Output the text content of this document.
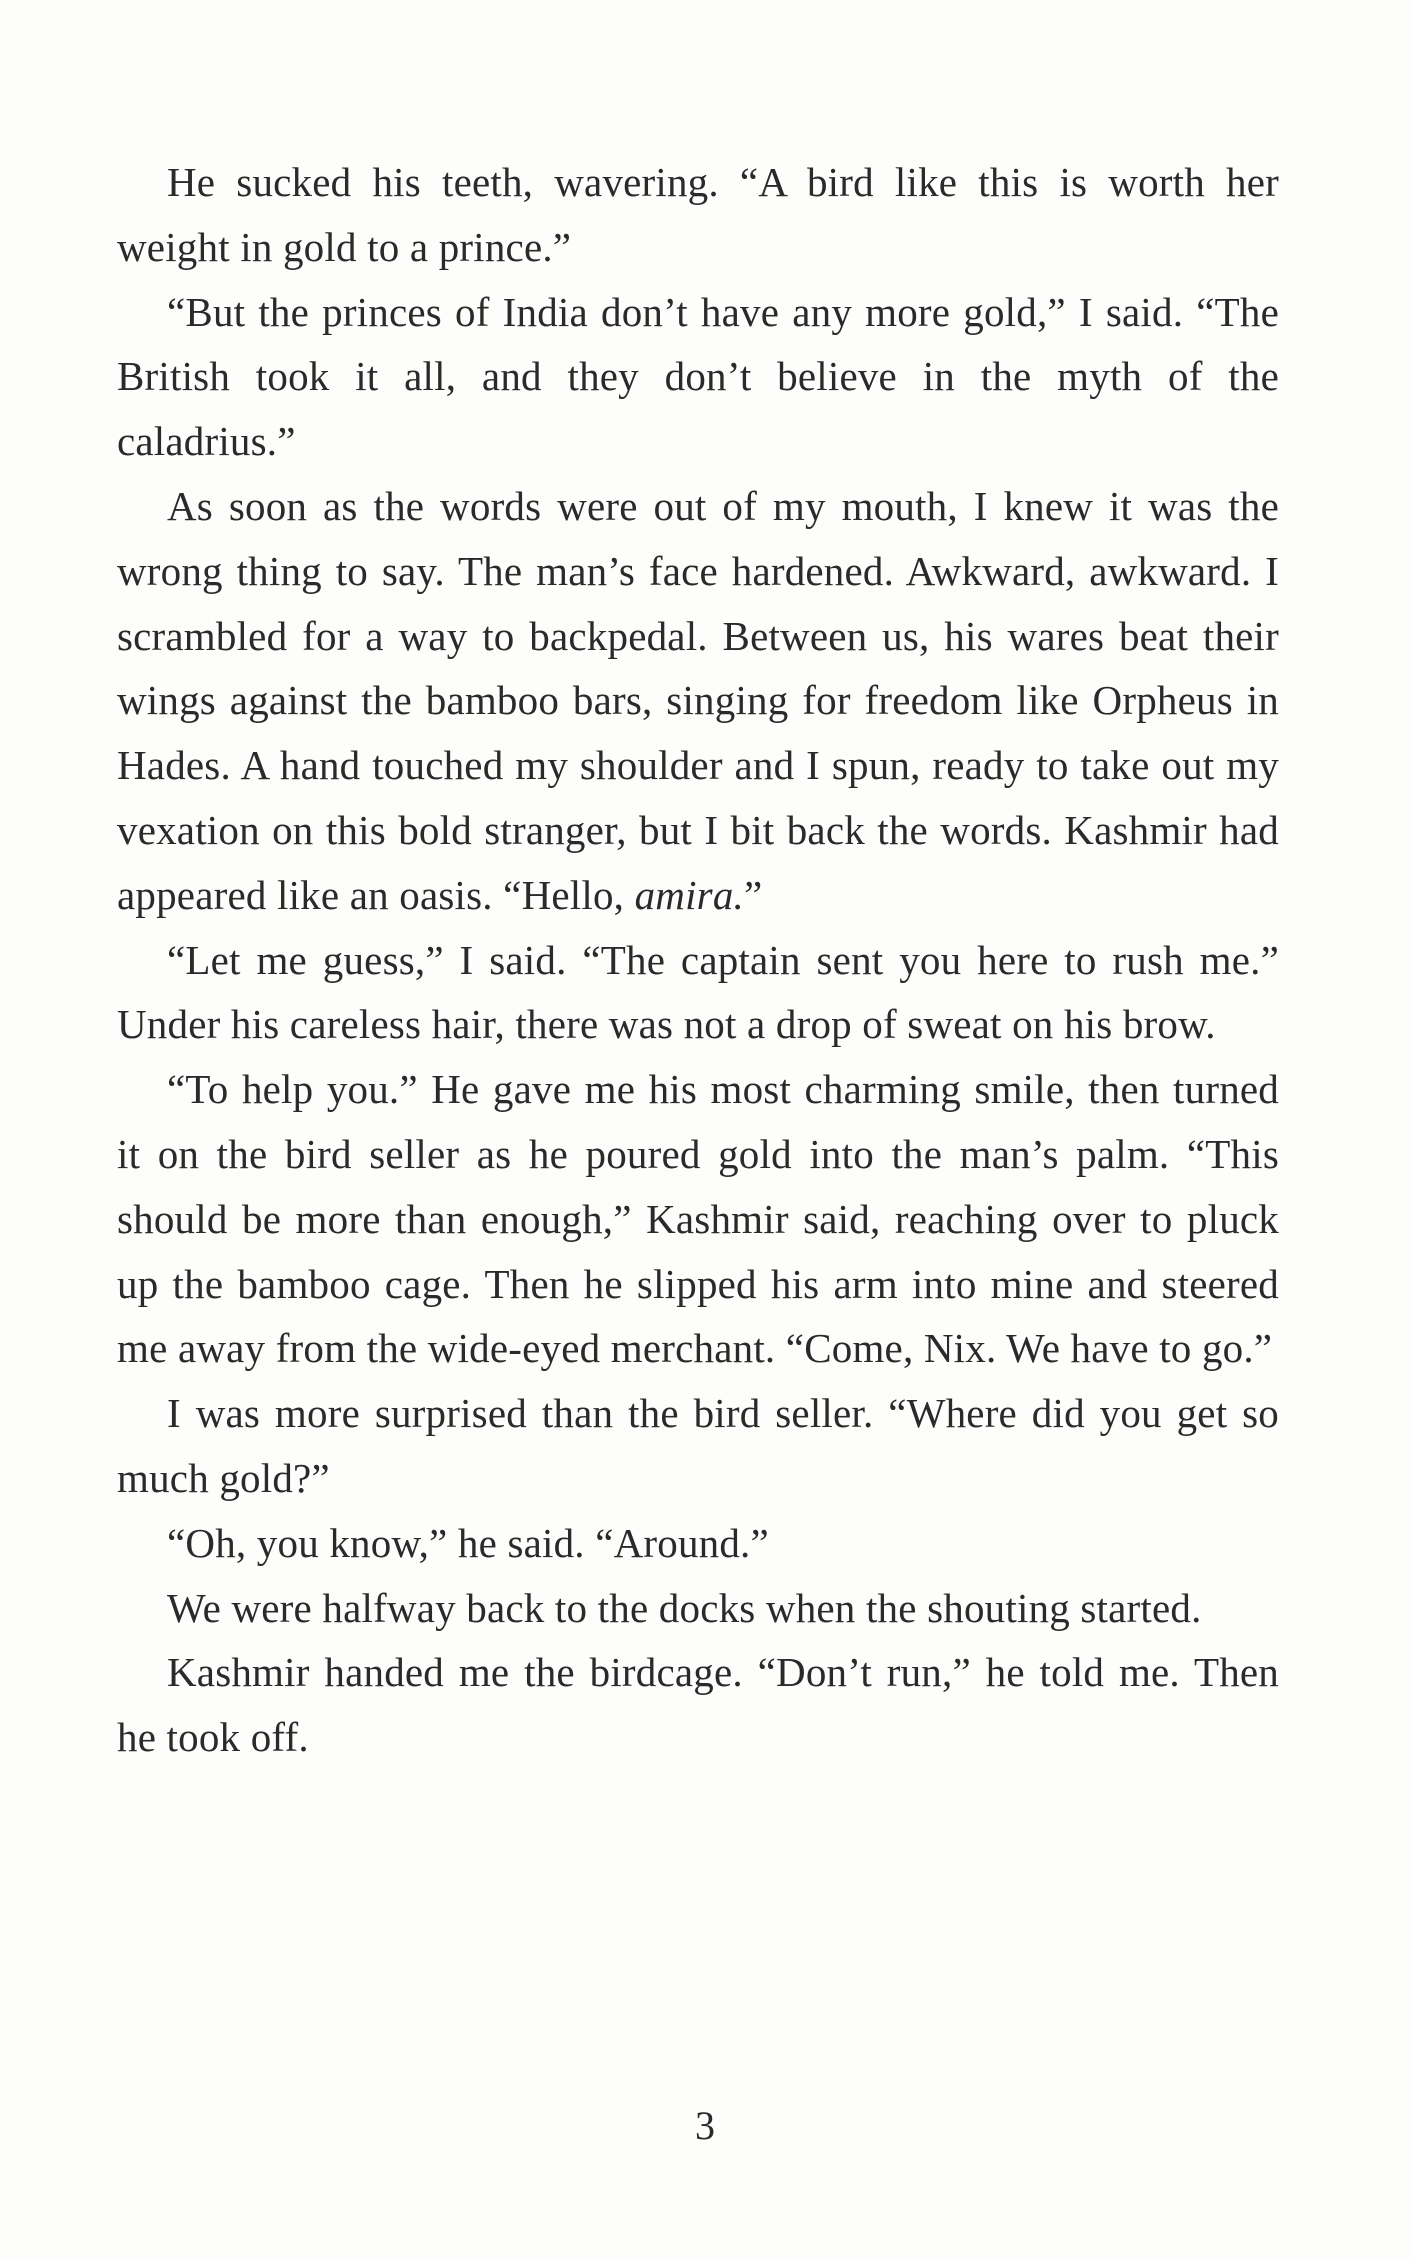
He sucked his teeth, wavering. “A bird like this is worth her weight in gold to a prince.”

“But the princes of India don’t have any more gold,” I said. “The British took it all, and they don’t believe in the myth of the caladrius.”

As soon as the words were out of my mouth, I knew it was the wrong thing to say. The man’s face hardened. Awkward, awkward. I scrambled for a way to backpedal. Between us, his wares beat their wings against the bamboo bars, singing for freedom like Orpheus in Hades. A hand touched my shoulder and I spun, ready to take out my vexation on this bold stranger, but I bit back the words. Kashmir had appeared like an oasis. “Hello, amira.”

“Let me guess,” I said. “The captain sent you here to rush me.” Under his careless hair, there was not a drop of sweat on his brow.

“To help you.” He gave me his most charming smile, then turned it on the bird seller as he poured gold into the man’s palm. “This should be more than enough,” Kashmir said, reaching over to pluck up the bamboo cage. Then he slipped his arm into mine and steered me away from the wide-eyed merchant. “Come, Nix. We have to go.”

I was more surprised than the bird seller. “Where did you get so much gold?”

“Oh, you know,” he said. “Around.”

We were halfway back to the docks when the shouting started.

Kashmir handed me the birdcage. “Don’t run,” he told me. Then he took off.

3
